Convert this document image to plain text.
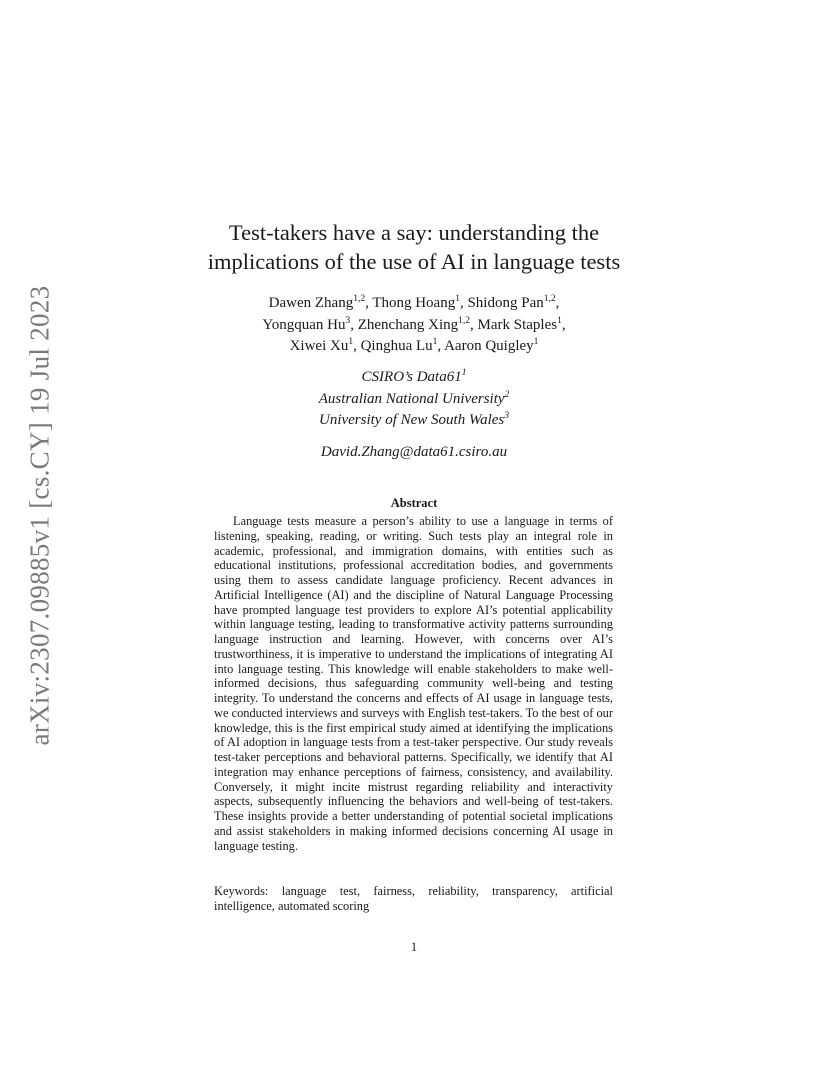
arXiv:2307.09885v1 [cs.CY] 19 Jul 2023
Test-takers have a say: understanding the
implications of the use of AI in language tests
Dawen Zhang$^{1,2}$, Thong Hoang$^1$, Shidong Pan$^{1,2}$,
Yongquan Hu$^3$, Zhenchang Xing$^{1,2}$, Mark Staples$^1$,
Xiwei Xu$^1$, Qinghua Lu$^1$, Aaron Quigley$^1$
CSIRO’s $Data61^1$
Australian National University$^2$
University of New South Wales$^3$
David.Zhang@data61.csiro.au
Abstract

Language tests measure a person’s ability to use a language in terms of listening, speaking, reading, or writing. Such tests play an integral role in academic, professional, and immigration domains, with entities such as educational institutions, professional accreditation bodies, and governments using them to assess candidate language proficiency. Recent advances in Artificial Intelligence (AI) and the discipline of Natural Language Processing have prompted language test providers to explore AI’s potential applicability within language testing, leading to transformative activity patterns surrounding language instruction and learning. However, with concerns over AI’s trustworthiness, it is imperative to understand the implications of integrating AI into language testing. This knowledge will enable stakeholders to make well-informed decisions, thus safeguarding community well-being and testing integrity. To understand the concerns and effects of AI usage in language tests, we conducted interviews and surveys with English test-takers. To the best of our knowledge, this is the first empirical study aimed at identifying the implications of AI adoption in language tests from a test-taker perspective. Our study reveals test-taker perceptions and behavioral patterns. Specifically, we identify that AI integration may enhance perceptions of fairness, consistency, and availability. Conversely, it might incite mistrust regarding reliability and interactivity aspects, subsequently influencing the behaviors and well-being of test-takers. These insights provide a better understanding of potential societal implications and assist stakeholders in making informed decisions concerning AI usage in language testing.

Keywords: language test, fairness, reliability, transparency, artificial intelligence, automated scoring

1
